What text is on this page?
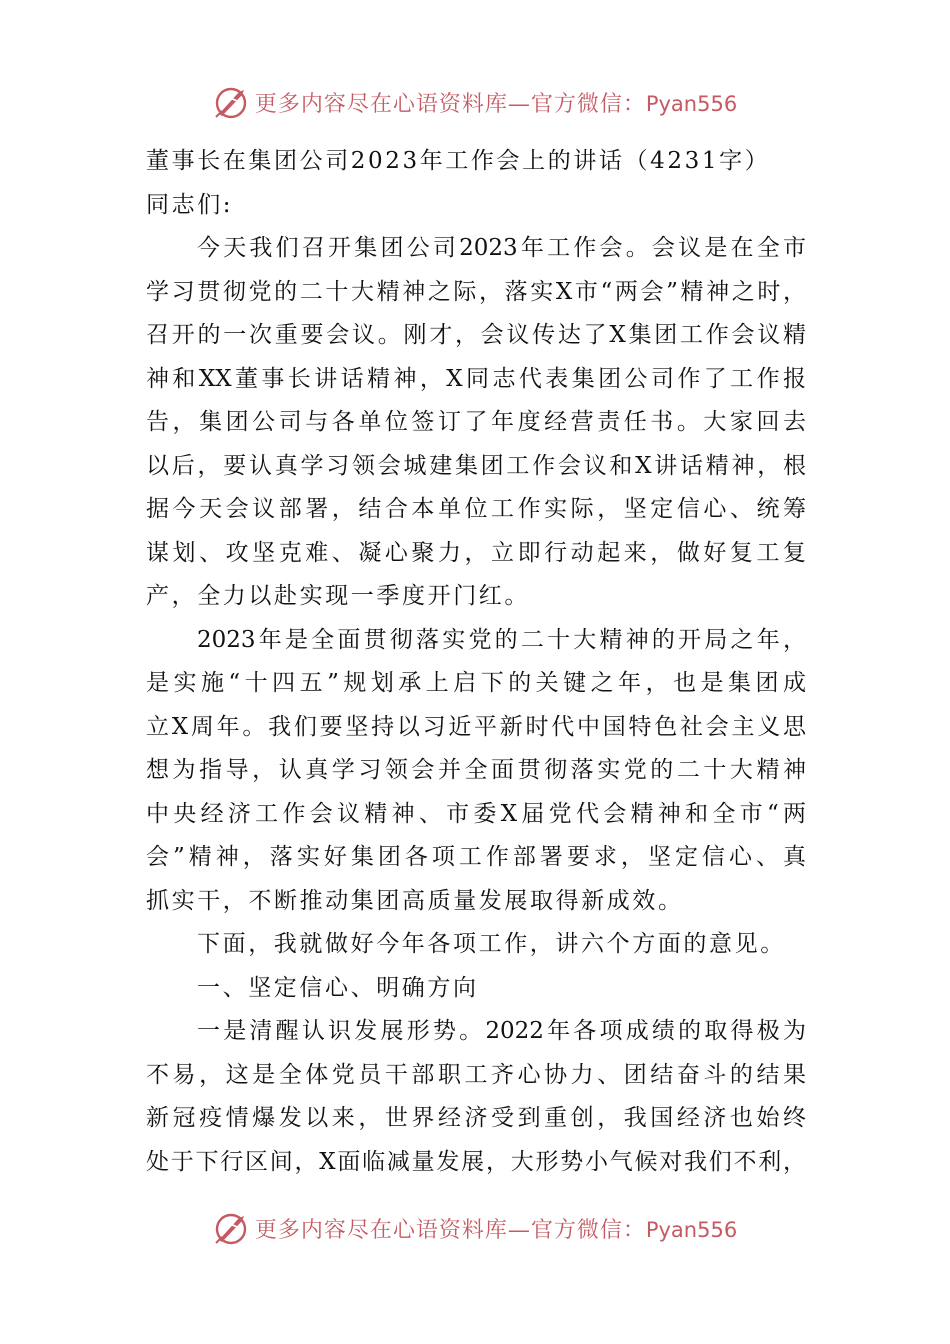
更多内容尽在心语资料库—官方微信：Pyan556
董事长在集团公司2023年工作会上的讲话（4231字）
同志们:
今天我们召开集团公司2023年工作会。会议是在全市
学习贯彻党的二十大精神之际，落实X市“两会”精神之时，
召开的一次重要会议。刚才，会议传达了X集团工作会议精
神和XX董事长讲话精神，X同志代表集团公司作了工作报
告，集团公司与各单位签订了年度经营责任书。大家回去
以后，要认真学习领会城建集团工作会议和X讲话精神，根
据今天会议部署，结合本单位工作实际，坚定信心、统筹
谋划、攻坚克难、凝心聚力，立即行动起来，做好复工复
产，全力以赴实现一季度开门红。
2023年是全面贯彻落实党的二十大精神的开局之年，
是实施“十四五”规划承上启下的关键之年，也是集团成
立X周年。我们要坚持以习近平新时代中国特色社会主义思
想为指导，认真学习领会并全面贯彻落实党的二十大精神
中央经济工作会议精神、市委X届党代会精神和全市“两
会”精神，落实好集团各项工作部署要求，坚定信心、真
抓实干，不断推动集团高质量发展取得新成效。
下面，我就做好今年各项工作，讲六个方面的意见。
一、坚定信心、明确方向
一是清醒认识发展形势。2022年各项成绩的取得极为
不易，这是全体党员干部职工齐心协力、团结奋斗的结果
新冠疫情爆发以来，世界经济受到重创，我国经济也始终
处于下行区间，X面临减量发展，大形势小气候对我们不利，
更多内容尽在心语资料库—官方微信：Pyan556
